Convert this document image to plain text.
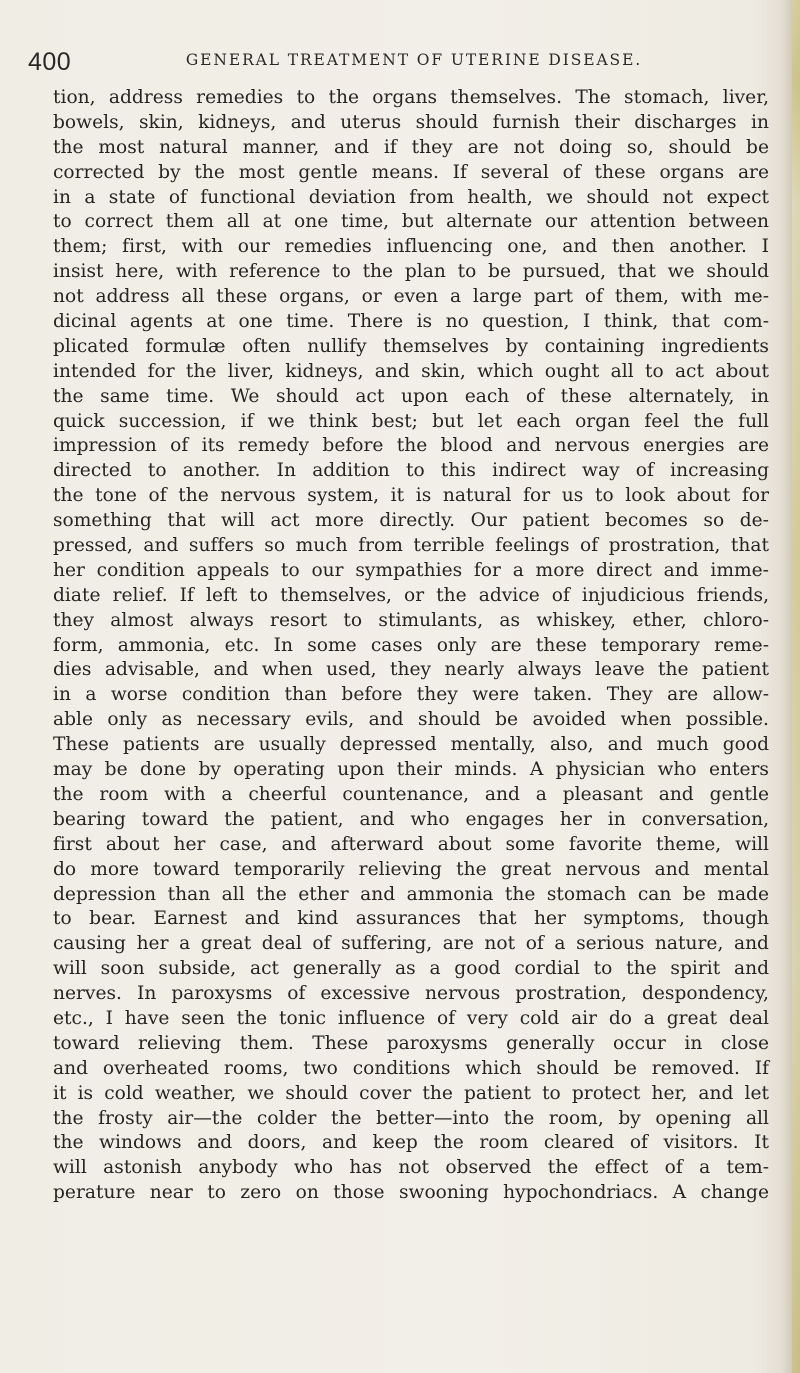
400	GENERAL TREATMENT OF UTERINE DISEASE.
tion, address remedies to the organs themselves. The stomach, liver,
bowels, skin, kidneys, and uterus should furnish their discharges in
the most natural manner, and if they are not doing so, should be
corrected by the most gentle means. If several of these organs are
in a state of functional deviation from health, we should not expect
to correct them all at one time, but alternate our attention between
them; first, with our remedies influencing one, and then another. I
insist here, with reference to the plan to be pursued, that we should
not address all these organs, or even a large part of them, with me-
dicinal agents at one time. There is no question, I think, that com-
plicated formulæ often nullify themselves by containing ingredients
intended for the liver, kidneys, and skin, which ought all to act about
the same time. We should act upon each of these alternately, in
quick succession, if we think best; but let each organ feel the full
impression of its remedy before the blood and nervous energies are
directed to another. In addition to this indirect way of increasing
the tone of the nervous system, it is natural for us to look about for
something that will act more directly. Our patient becomes so de-
pressed, and suffers so much from terrible feelings of prostration, that
her condition appeals to our sympathies for a more direct and imme-
diate relief. If left to themselves, or the advice of injudicious friends,
they almost always resort to stimulants, as whiskey, ether, chloro-
form, ammonia, etc. In some cases only are these temporary reme-
dies advisable, and when used, they nearly always leave the patient
in a worse condition than before they were taken. They are allow-
able only as necessary evils, and should be avoided when possible.
These patients are usually depressed mentally, also, and much good
may be done by operating upon their minds. A physician who enters
the room with a cheerful countenance, and a pleasant and gentle
bearing toward the patient, and who engages her in conversation,
first about her case, and afterward about some favorite theme, will
do more toward temporarily relieving the great nervous and mental
depression than all the ether and ammonia the stomach can be made
to bear. Earnest and kind assurances that her symptoms, though
causing her a great deal of suffering, are not of a serious nature, and
will soon subside, act generally as a good cordial to the spirit and
nerves. In paroxysms of excessive nervous prostration, despondency,
etc., I have seen the tonic influence of very cold air do a great deal
toward relieving them. These paroxysms generally occur in close
and overheated rooms, two conditions which should be removed. If
it is cold weather, we should cover the patient to protect her, and let
the frosty air—the colder the better—into the room, by opening all
the windows and doors, and keep the room cleared of visitors. It
will astonish anybody who has not observed the effect of a tem-
perature near to zero on those swooning hypochondriacs. A change
